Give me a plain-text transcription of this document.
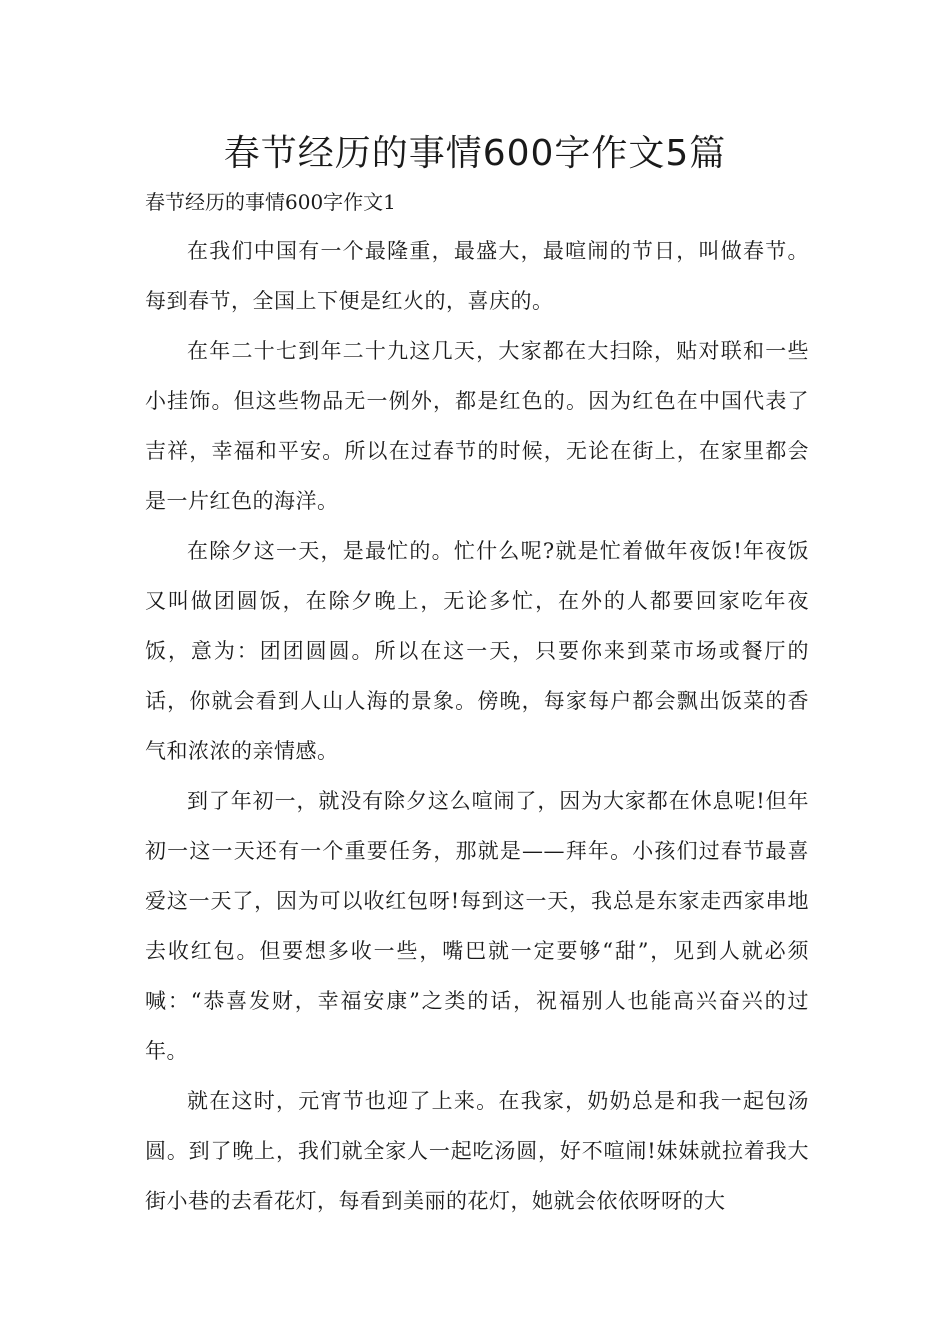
春节经历的事情600字作文5篇

春节经历的事情600字作文1

在我们中国有一个最隆重，最盛大，最喧闹的节日，叫做春节。每到春节，全国上下便是红火的，喜庆的。

在年二十七到年二十九这几天，大家都在大扫除，贴对联和一些小挂饰。但这些物品无一例外，都是红色的。因为红色在中国代表了吉祥，幸福和平安。所以在过春节的时候，无论在街上，在家里都会是一片红色的海洋。

在除夕这一天，是最忙的。忙什么呢?就是忙着做年夜饭!年夜饭又叫做团圆饭，在除夕晚上，无论多忙，在外的人都要回家吃年夜饭，意为：团团圆圆。所以在这一天，只要你来到菜市场或餐厅的话，你就会看到人山人海的景象。傍晚，每家每户都会飘出饭菜的香气和浓浓的亲情感。

到了年初一，就没有除夕这么喧闹了，因为大家都在休息呢!但年初一这一天还有一个重要任务，那就是——拜年。小孩们过春节最喜爱这一天了，因为可以收红包呀!每到这一天，我总是东家走西家串地去收红包。但要想多收一些，嘴巴就一定要够“甜”，见到人就必须喊：“恭喜发财，幸福安康”之类的话，祝福别人也能高兴奋兴的过年。

就在这时，元宵节也迎了上来。在我家，奶奶总是和我一起包汤圆。到了晚上，我们就全家人一起吃汤圆，好不喧闹!妹妹就拉着我大街小巷的去看花灯，每看到美丽的花灯，她就会依依呀呀的大
